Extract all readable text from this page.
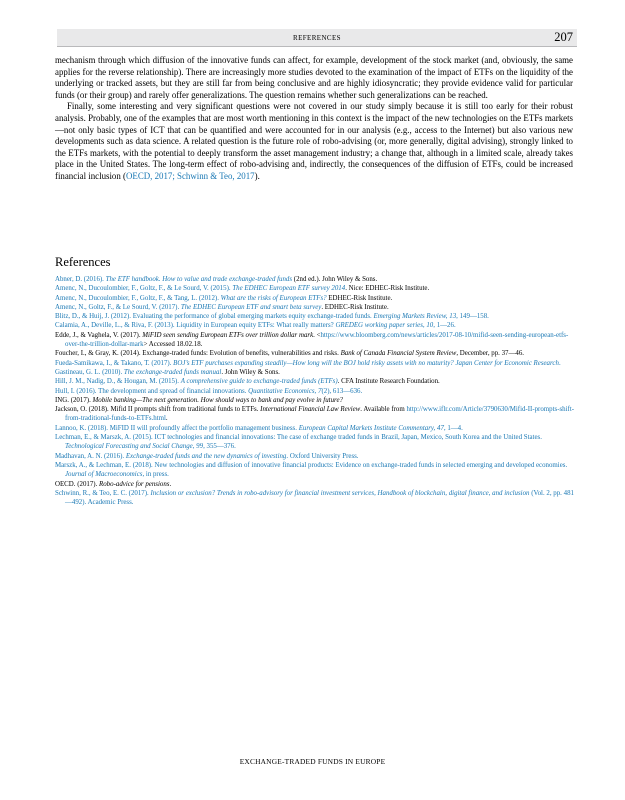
REFERENCES	207

mechanism through which diffusion of the innovative funds can affect, for example, development of the stock market (and, obviously, the same applies for the reverse relationship). There are increasingly more studies devoted to the examination of the impact of ETFs on the liquidity of the underlying or tracked assets, but they are still far from being conclusive and are highly idiosyncratic; they provide evidence valid for particular funds (or their group) and rarely offer generalizations. The question remains whether such generalizations can be reached.

Finally, some interesting and very significant questions were not covered in our study simply because it is still too early for their robust analysis. Probably, one of the examples that are most worth mentioning in this context is the impact of the new technologies on the ETFs markets—not only basic types of ICT that can be quantified and were accounted for in our analysis (e.g., access to the Internet) but also various new developments such as data science. A related question is the future role of robo-advising (or, more generally, digital advising), strongly linked to the ETFs markets, with the potential to deeply transform the asset management industry; a change that, although in a limited scale, already takes place in the United States. The long-term effect of robo-advising and, indirectly, the consequences of the diffusion of ETFs, could be increased financial inclusion (OECD, 2017; Schwinn & Teo, 2017).

References
Abner, D. (2016). The ETF handbook. How to value and trade exchange-traded funds (2nd ed.). John Wiley & Sons.
Amenc, N., Ducoulombier, F., Goltz, F., & Le Sourd, V. (2015). The EDHEC European ETF survey 2014. Nice: EDHEC-Risk Institute.
Amenc, N., Ducoulombier, F., Goltz, F., & Tang, L. (2012). What are the risks of European ETFs? EDHEC-Risk Institute.
Amenc, N., Goltz, F., & Le Sourd, V. (2017). The EDHEC European ETF and smart beta survey. EDHEC-Risk Institute.
Blitz, D., & Huij, J. (2012). Evaluating the performance of global emerging markets equity exchange-traded funds. Emerging Markets Review, 13, 149—158.
Calamia, A., Deville, L., & Riva, F. (2013). Liquidity in European equity ETFs: What really matters? GREDEG working paper series, 10, 1—26.
Edde, J., & Vaghela, V. (2017). MiFID seen sending European ETFs over trillion dollar mark. <https://www.bloomberg.com/news/articles/2017-08-10/mifid-seen-sending-european-etfs-over-the-trillion-dollar-mark> Accessed 18.02.18.
Foucher, I., & Gray, K. (2014). Exchange-traded funds: Evolution of benefits, vulnerabilities and risks. Bank of Canada Financial System Review, December, pp. 37—46.
Fueda-Samikawa, I., & Takano, T. (2017). BOJ’s ETF purchases expanding steadily—How long will the BOJ hold risky assets with no maturity? Japan Center for Economic Research.
Gastineau, G. L. (2010). The exchange-traded funds manual. John Wiley & Sons.
Hill, J. M., Nadig, D., & Hougan, M. (2015). A comprehensive guide to exchange-traded funds (ETFs). CFA Institute Research Foundation.
Hull, I. (2016). The development and spread of financial innovations. Quantitative Economics, 7(2), 613—636.
ING. (2017). Mobile banking—The next generation. How should ways to bank and pay evolve in future?
Jackson, O. (2018). Mifid II prompts shift from traditional funds to ETFs. International Financial Law Review. Available from http://www.iflr.com/Article/3790630/Mifid-II-prompts-shift-from-traditional-funds-to-ETFs.html.
Lannoo, K. (2018). MiFID II will profoundly affect the portfolio management business. European Capital Markets Institute Commentary, 47, 1—4.
Lechman, E., & Marszk, A. (2015). ICT technologies and financial innovations: The case of exchange traded funds in Brazil, Japan, Mexico, South Korea and the United States. Technological Forecasting and Social Change, 99, 355—376.
Madhavan, A. N. (2016). Exchange-traded funds and the new dynamics of investing. Oxford University Press.
Marszk, A., & Lechman, E. (2018). New technologies and diffusion of innovative financial products: Evidence on exchange-traded funds in selected emerging and developed economies. Journal of Macroeconomics, in press.
OECD. (2017). Robo-advice for pensions.
Schwinn, R., & Teo, E. C. (2017). Inclusion or exclusion? Trends in robo-advisory for financial investment services, Handbook of blockchain, digital finance, and inclusion (Vol. 2, pp. 481—492). Academic Press.
EXCHANGE-TRADED FUNDS IN EUROPE
